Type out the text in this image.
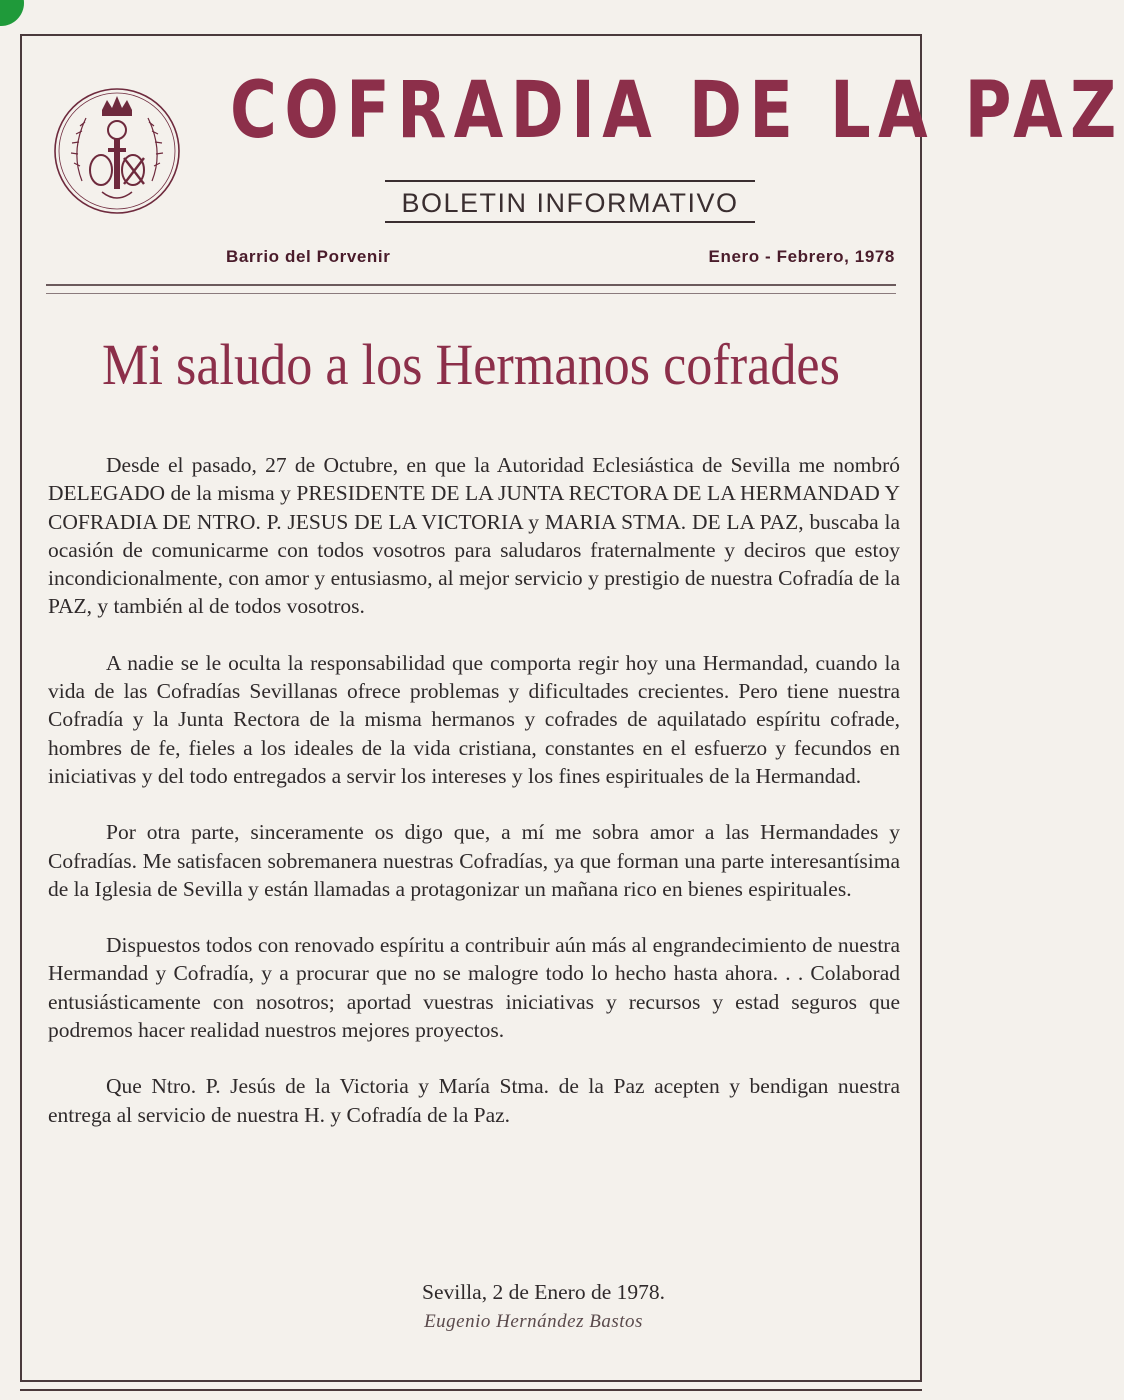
COFRADIA DE LA PAZ
BOLETIN INFORMATIVO
Barrio del Porvenir	Enero - Febrero, 1978
Mi saludo a los Hermanos cofrades

Desde el pasado, 27 de Octubre, en que la Autoridad Eclesiástica de Sevilla me nombró DELEGADO de la misma y PRESIDENTE DE LA JUNTA RECTORA DE LA HERMANDAD Y COFRADIA DE NTRO. P. JESUS DE LA VICTORIA y MARIA STMA. DE LA PAZ, buscaba la ocasión de comunicarme con todos vosotros para saludaros fraternalmente y deciros que estoy incondicionalmente, con amor y entusiasmo, al mejor servicio y prestigio de nuestra Cofradía de la PAZ, y también al de todos vosotros.

A nadie se le oculta la responsabilidad que comporta regir hoy una Hermandad, cuando la vida de las Cofradías Sevillanas ofrece problemas y dificultades crecientes. Pero tiene nuestra Cofradía y la Junta Rectora de la misma hermanos y cofrades de aquilatado espíritu cofrade, hombres de fe, fieles a los ideales de la vida cristiana, constantes en el esfuerzo y fecundos en iniciativas y del todo entregados a servir los intereses y los fines espirituales de la Hermandad.

Por otra parte, sinceramente os digo que, a mí me sobra amor a las Hermandades y Cofradías. Me satisfacen sobremanera nuestras Cofradías, ya que forman una parte interesantísima de la Iglesia de Sevilla y están llamadas a protagonizar un mañana rico en bienes espirituales.

Dispuestos todos con renovado espíritu a contribuir aún más al engrandecimiento de nuestra Hermandad y Cofradía, y a procurar que no se malogre todo lo hecho hasta ahora. . . Colaborad entusiásticamente con nosotros; aportad vuestras iniciativas y recursos y estad seguros que podremos hacer realidad nuestros mejores proyectos.

Que Ntro. P. Jesús de la Victoria y María Stma. de la Paz acepten y bendigan nuestra entrega al servicio de nuestra H. y Cofradía de la Paz.

Sevilla, 2 de Enero de 1978.
Eugenio Hernández Bastos
